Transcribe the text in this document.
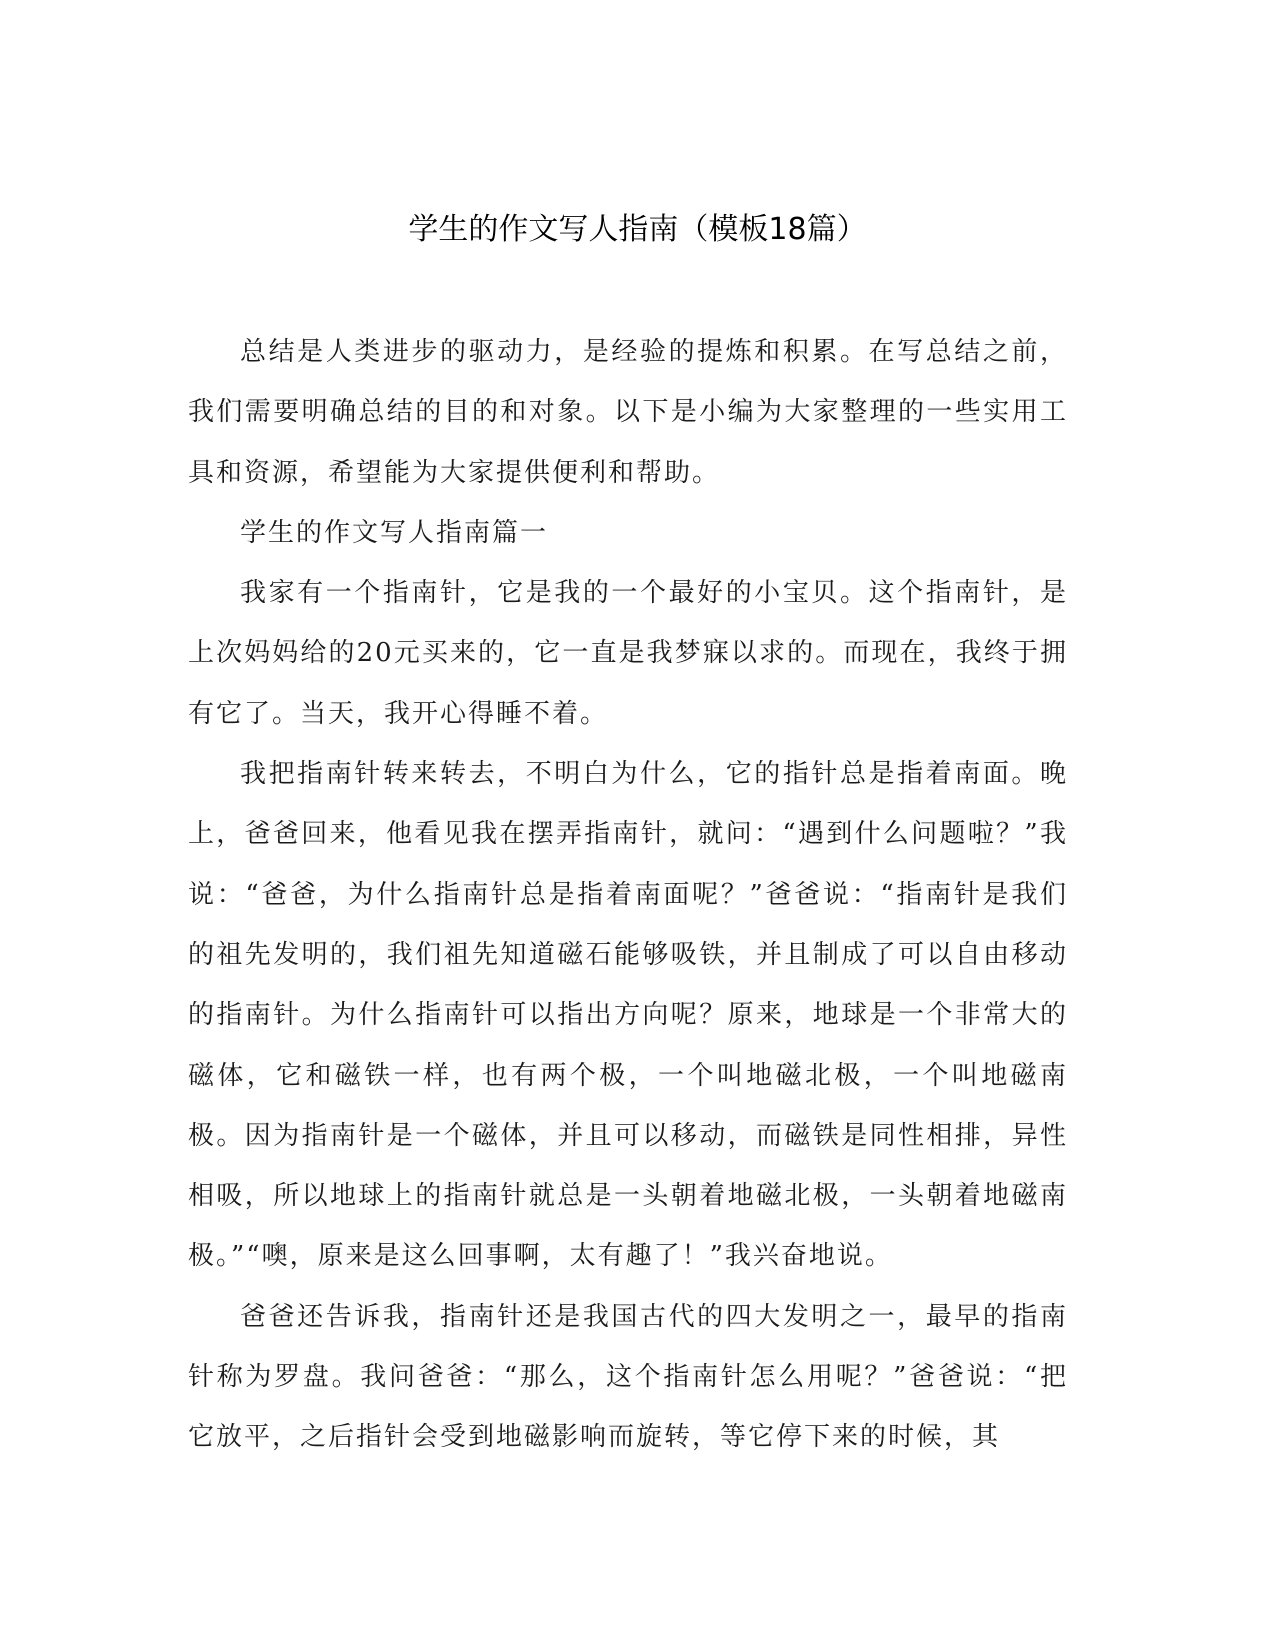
学生的作文写人指南（模板18篇）

总结是人类进步的驱动力，是经验的提炼和积累。在写总结之前，我们需要明确总结的目的和对象。以下是小编为大家整理的一些实用工具和资源，希望能为大家提供便利和帮助。

学生的作文写人指南篇一

我家有一个指南针，它是我的一个最好的小宝贝。这个指南针，是上次妈妈给的20元买来的，它一直是我梦寐以求的。而现在，我终于拥有它了。当天，我开心得睡不着。

我把指南针转来转去，不明白为什么，它的指针总是指着南面。晚上，爸爸回来，他看见我在摆弄指南针，就问：“遇到什么问题啦？”我说：“爸爸，为什么指南针总是指着南面呢？”爸爸说：“指南针是我们的祖先发明的，我们祖先知道磁石能够吸铁，并且制成了可以自由移动的指南针。为什么指南针可以指出方向呢？原来，地球是一个非常大的磁体，它和磁铁一样，也有两个极，一个叫地磁北极，一个叫地磁南极。因为指南针是一个磁体，并且可以移动，而磁铁是同性相排，异性相吸，所以地球上的指南针就总是一头朝着地磁北极，一头朝着地磁南极。”“噢，原来是这么回事啊，太有趣了！”我兴奋地说。

爸爸还告诉我，指南针还是我国古代的四大发明之一，最早的指南针称为罗盘。我问爸爸：“那么，这个指南针怎么用呢？”爸爸说：“把它放平，之后指针会受到地磁影响而旋转，等它停下来的时候，其
